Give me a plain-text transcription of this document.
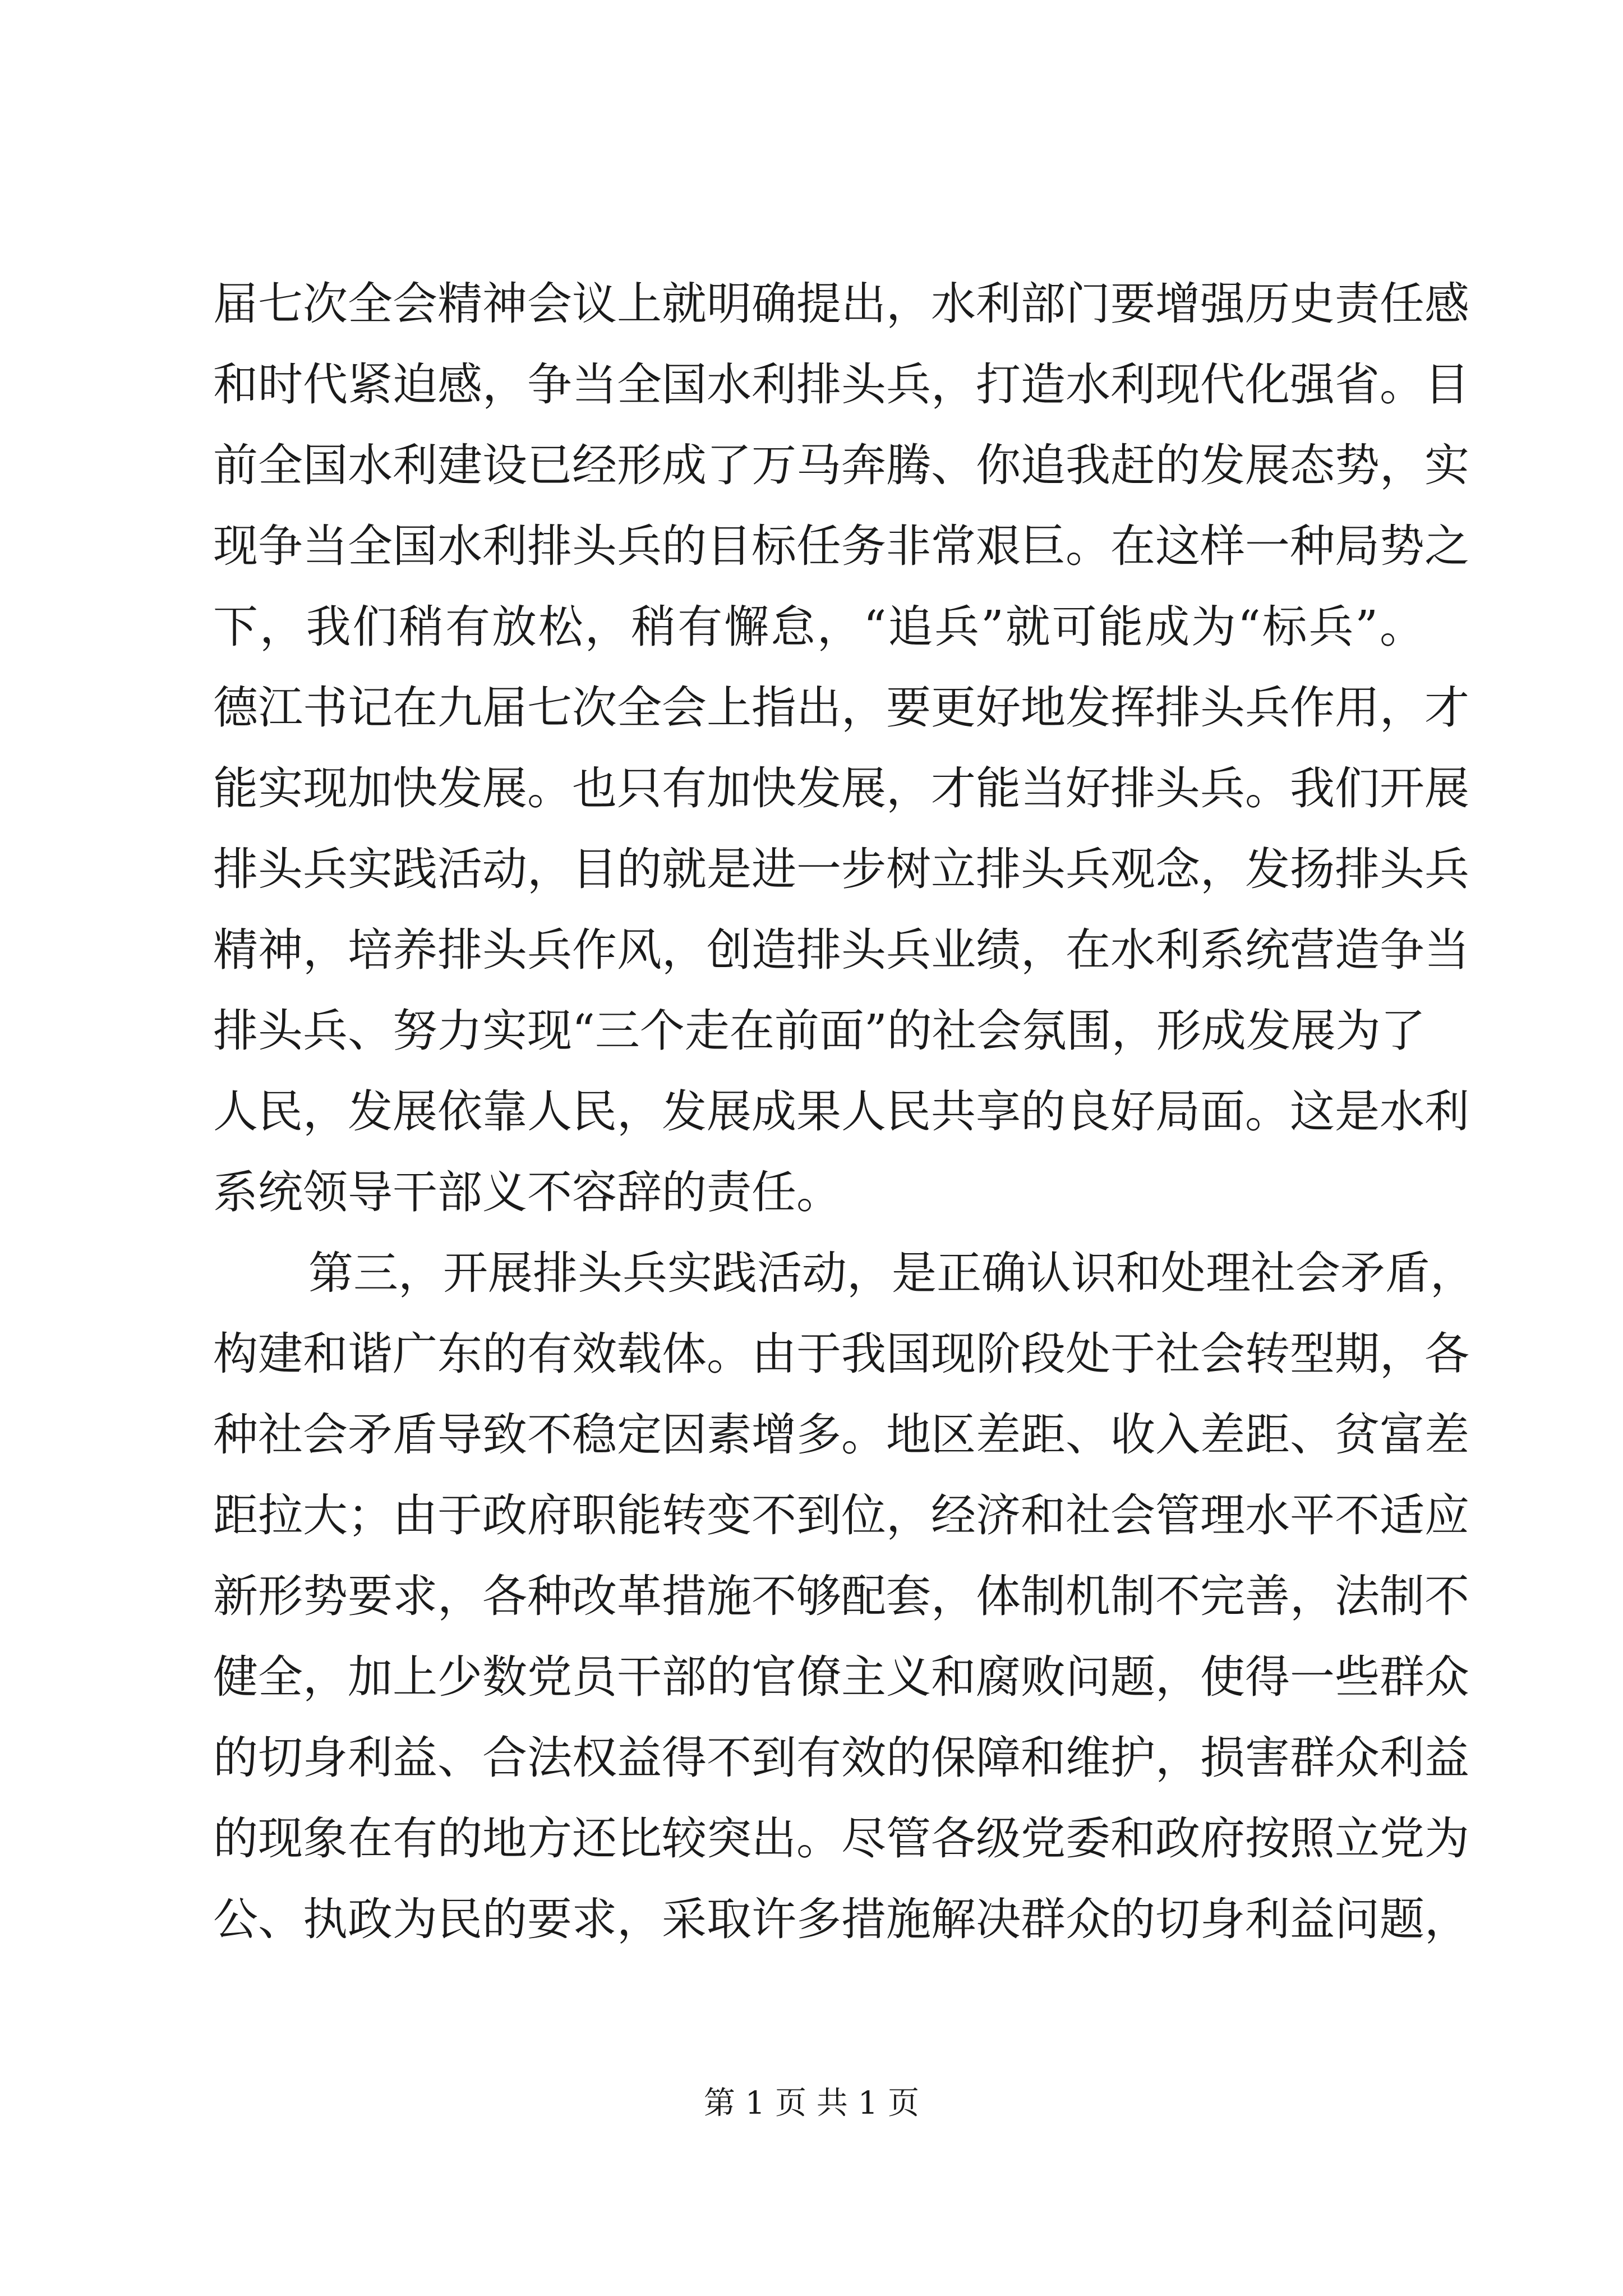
届七次全会精神会议上就明确提出，水利部门要增强历史责任感
和时代紧迫感，争当全国水利排头兵，打造水利现代化强省。目
前全国水利建设已经形成了万马奔腾、你追我赶的发展态势，实
现争当全国水利排头兵的目标任务非常艰巨。在这样一种局势之
下，我们稍有放松，稍有懈怠，“追兵”就可能成为“标兵”。
德江书记在九届七次全会上指出，要更好地发挥排头兵作用，才
能实现加快发展。也只有加快发展，才能当好排头兵。我们开展
排头兵实践活动，目的就是进一步树立排头兵观念，发扬排头兵
精神，培养排头兵作风，创造排头兵业绩，在水利系统营造争当
排头兵、努力实现“三个走在前面”的社会氛围，形成发展为了
人民，发展依靠人民，发展成果人民共享的良好局面。这是水利
系统领导干部义不容辞的责任。
第三，开展排头兵实践活动，是正确认识和处理社会矛盾，
构建和谐广东的有效载体。由于我国现阶段处于社会转型期，各
种社会矛盾导致不稳定因素增多。地区差距、收入差距、贫富差
距拉大；由于政府职能转变不到位，经济和社会管理水平不适应
新形势要求，各种改革措施不够配套，体制机制不完善，法制不
健全，加上少数党员干部的官僚主义和腐败问题，使得一些群众
的切身利益、合法权益得不到有效的保障和维护，损害群众利益
的现象在有的地方还比较突出。尽管各级党委和政府按照立党为
公、执政为民的要求，采取许多措施解决群众的切身利益问题，
第 1 页 共 1 页
